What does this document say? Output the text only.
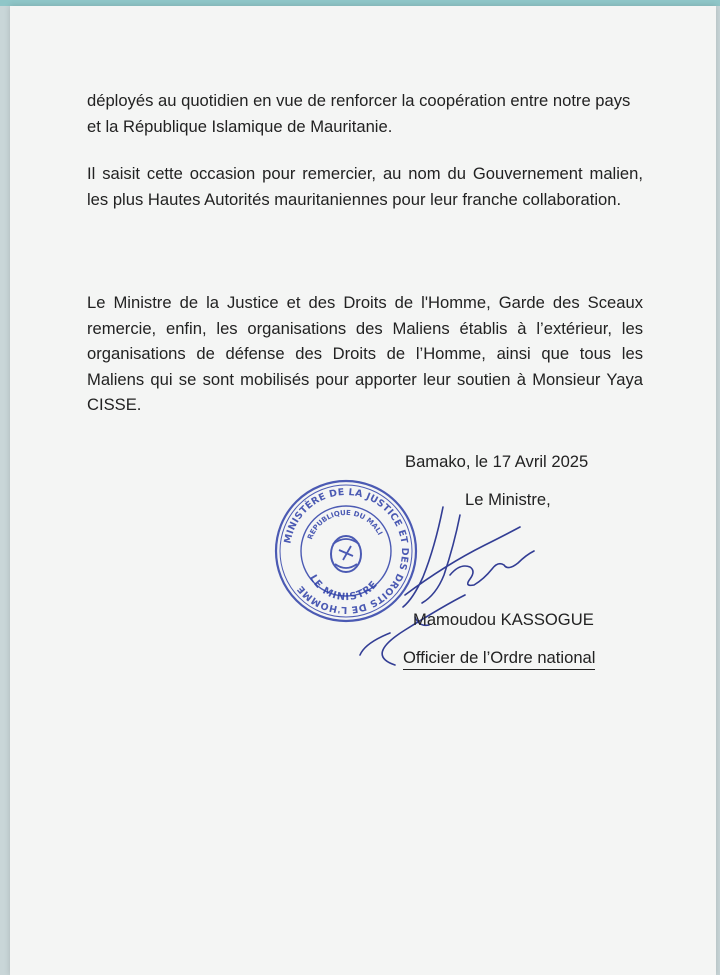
déployés au quotidien en vue de renforcer la coopération entre notre pays et la République Islamique de Mauritanie.

Il saisit cette occasion pour remercier, au nom du Gouvernement malien, les plus Hautes Autorités mauritaniennes pour leur franche collaboration.

Le Ministre de la Justice et des Droits de l'Homme, Garde des Sceaux remercie, enfin, les organisations des Maliens établis à l’extérieur, les organisations de défense des Droits de l’Homme, ainsi que tous les Maliens qui se sont mobilisés pour apporter leur soutien à Monsieur Yaya CISSE.

Bamako, le 17 Avril 2025
Le Ministre,
MINISTÈRE DE LA JUSTICE ET DES DROITS DE L'HOMME
REPUBLIQUE DU MALI
LE MINISTRE
Mamoudou KASSOGUE
Officier de l’Ordre national
